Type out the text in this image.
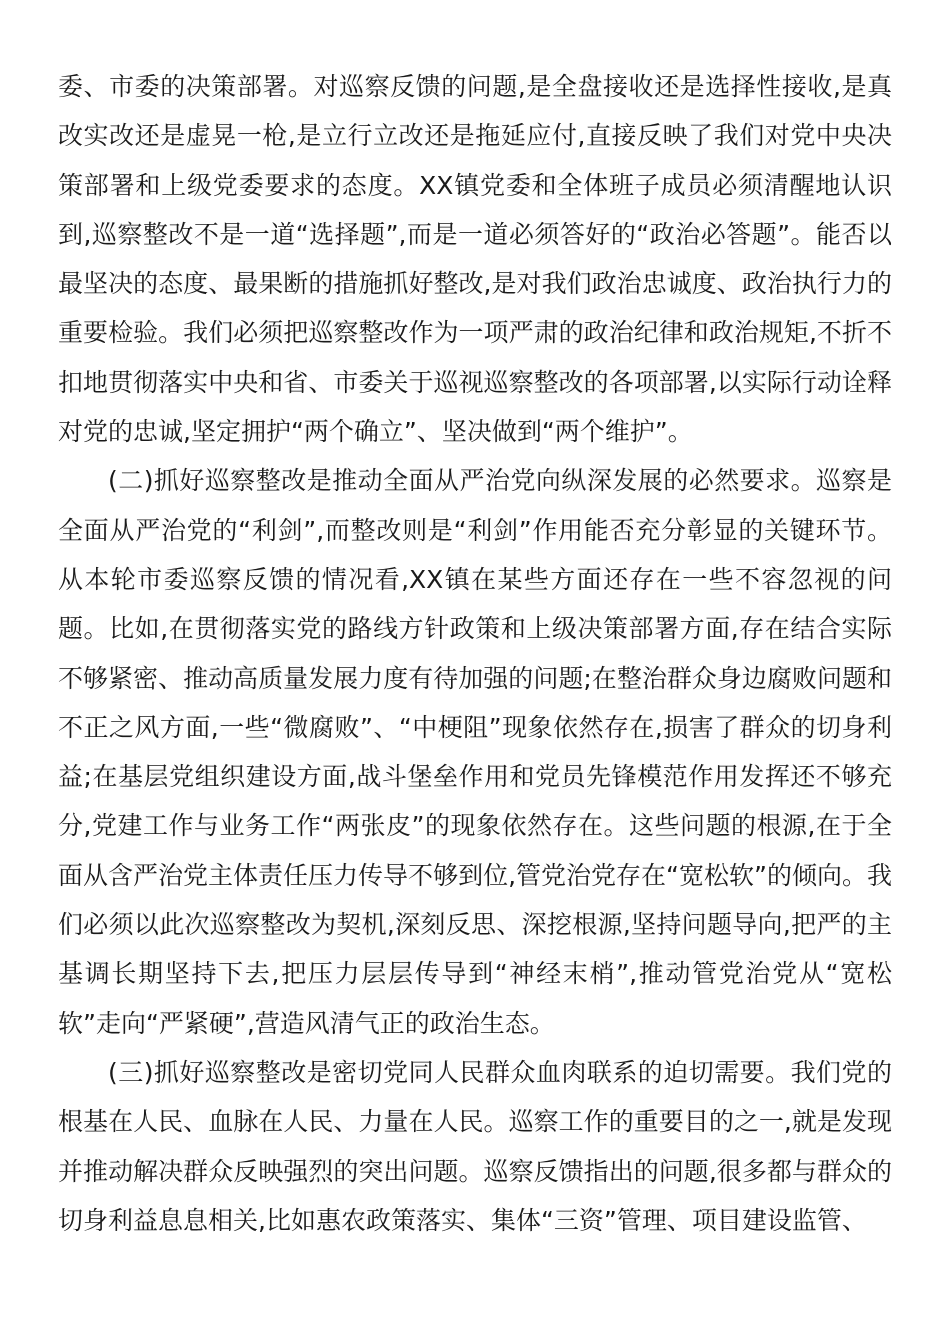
委、市委的决策部署。对巡察反馈的问题,是全盘接收还是选择性接收,是真改实改还是虚晃一枪,是立行立改还是拖延应付,直接反映了我们对党中央决策部署和上级党委要求的态度。XX镇党委和全体班子成员必须清醒地认识到,巡察整改不是一道“选择题”,而是一道必须答好的“政治必答题”。能否以最坚决的态度、最果断的措施抓好整改,是对我们政治忠诚度、政治执行力的重要检验。我们必须把巡察整改作为一项严肃的政治纪律和政治规矩,不折不扣地贯彻落实中央和省、市委关于巡视巡察整改的各项部署,以实际行动诠释对党的忠诚,坚定拥护“两个确立”、坚决做到“两个维护”。

(二)抓好巡察整改是推动全面从严治党向纵深发展的必然要求。巡察是全面从严治党的“利剑”,而整改则是“利剑”作用能否充分彰显的关键环节。从本轮市委巡察反馈的情况看,XX镇在某些方面还存在一些不容忽视的问题。比如,在贯彻落实党的路线方针政策和上级决策部署方面,存在结合实际不够紧密、推动高质量发展力度有待加强的问题;在整治群众身边腐败问题和不正之风方面,一些“微腐败”、“中梗阻”现象依然存在,损害了群众的切身利益;在基层党组织建设方面,战斗堡垒作用和党员先锋模范作用发挥还不够充分,党建工作与业务工作“两张皮”的现象依然存在。这些问题的根源,在于全面从含严治党主体责任压力传导不够到位,管党治党存在“宽松软”的倾向。我们必须以此次巡察整改为契机,深刻反思、深挖根源,坚持问题导向,把严的主基调长期坚持下去,把压力层层传导到“神经末梢”,推动管党治党从“宽松软”走向“严紧硬”,营造风清气正的政治生态。

(三)抓好巡察整改是密切党同人民群众血肉联系的迫切需要。我们党的根基在人民、血脉在人民、力量在人民。巡察工作的重要目的之一,就是发现并推动解决群众反映强烈的突出问题。巡察反馈指出的问题,很多都与群众的切身利益息息相关,比如惠农政策落实、集体“三资”管理、项目建设监管、
